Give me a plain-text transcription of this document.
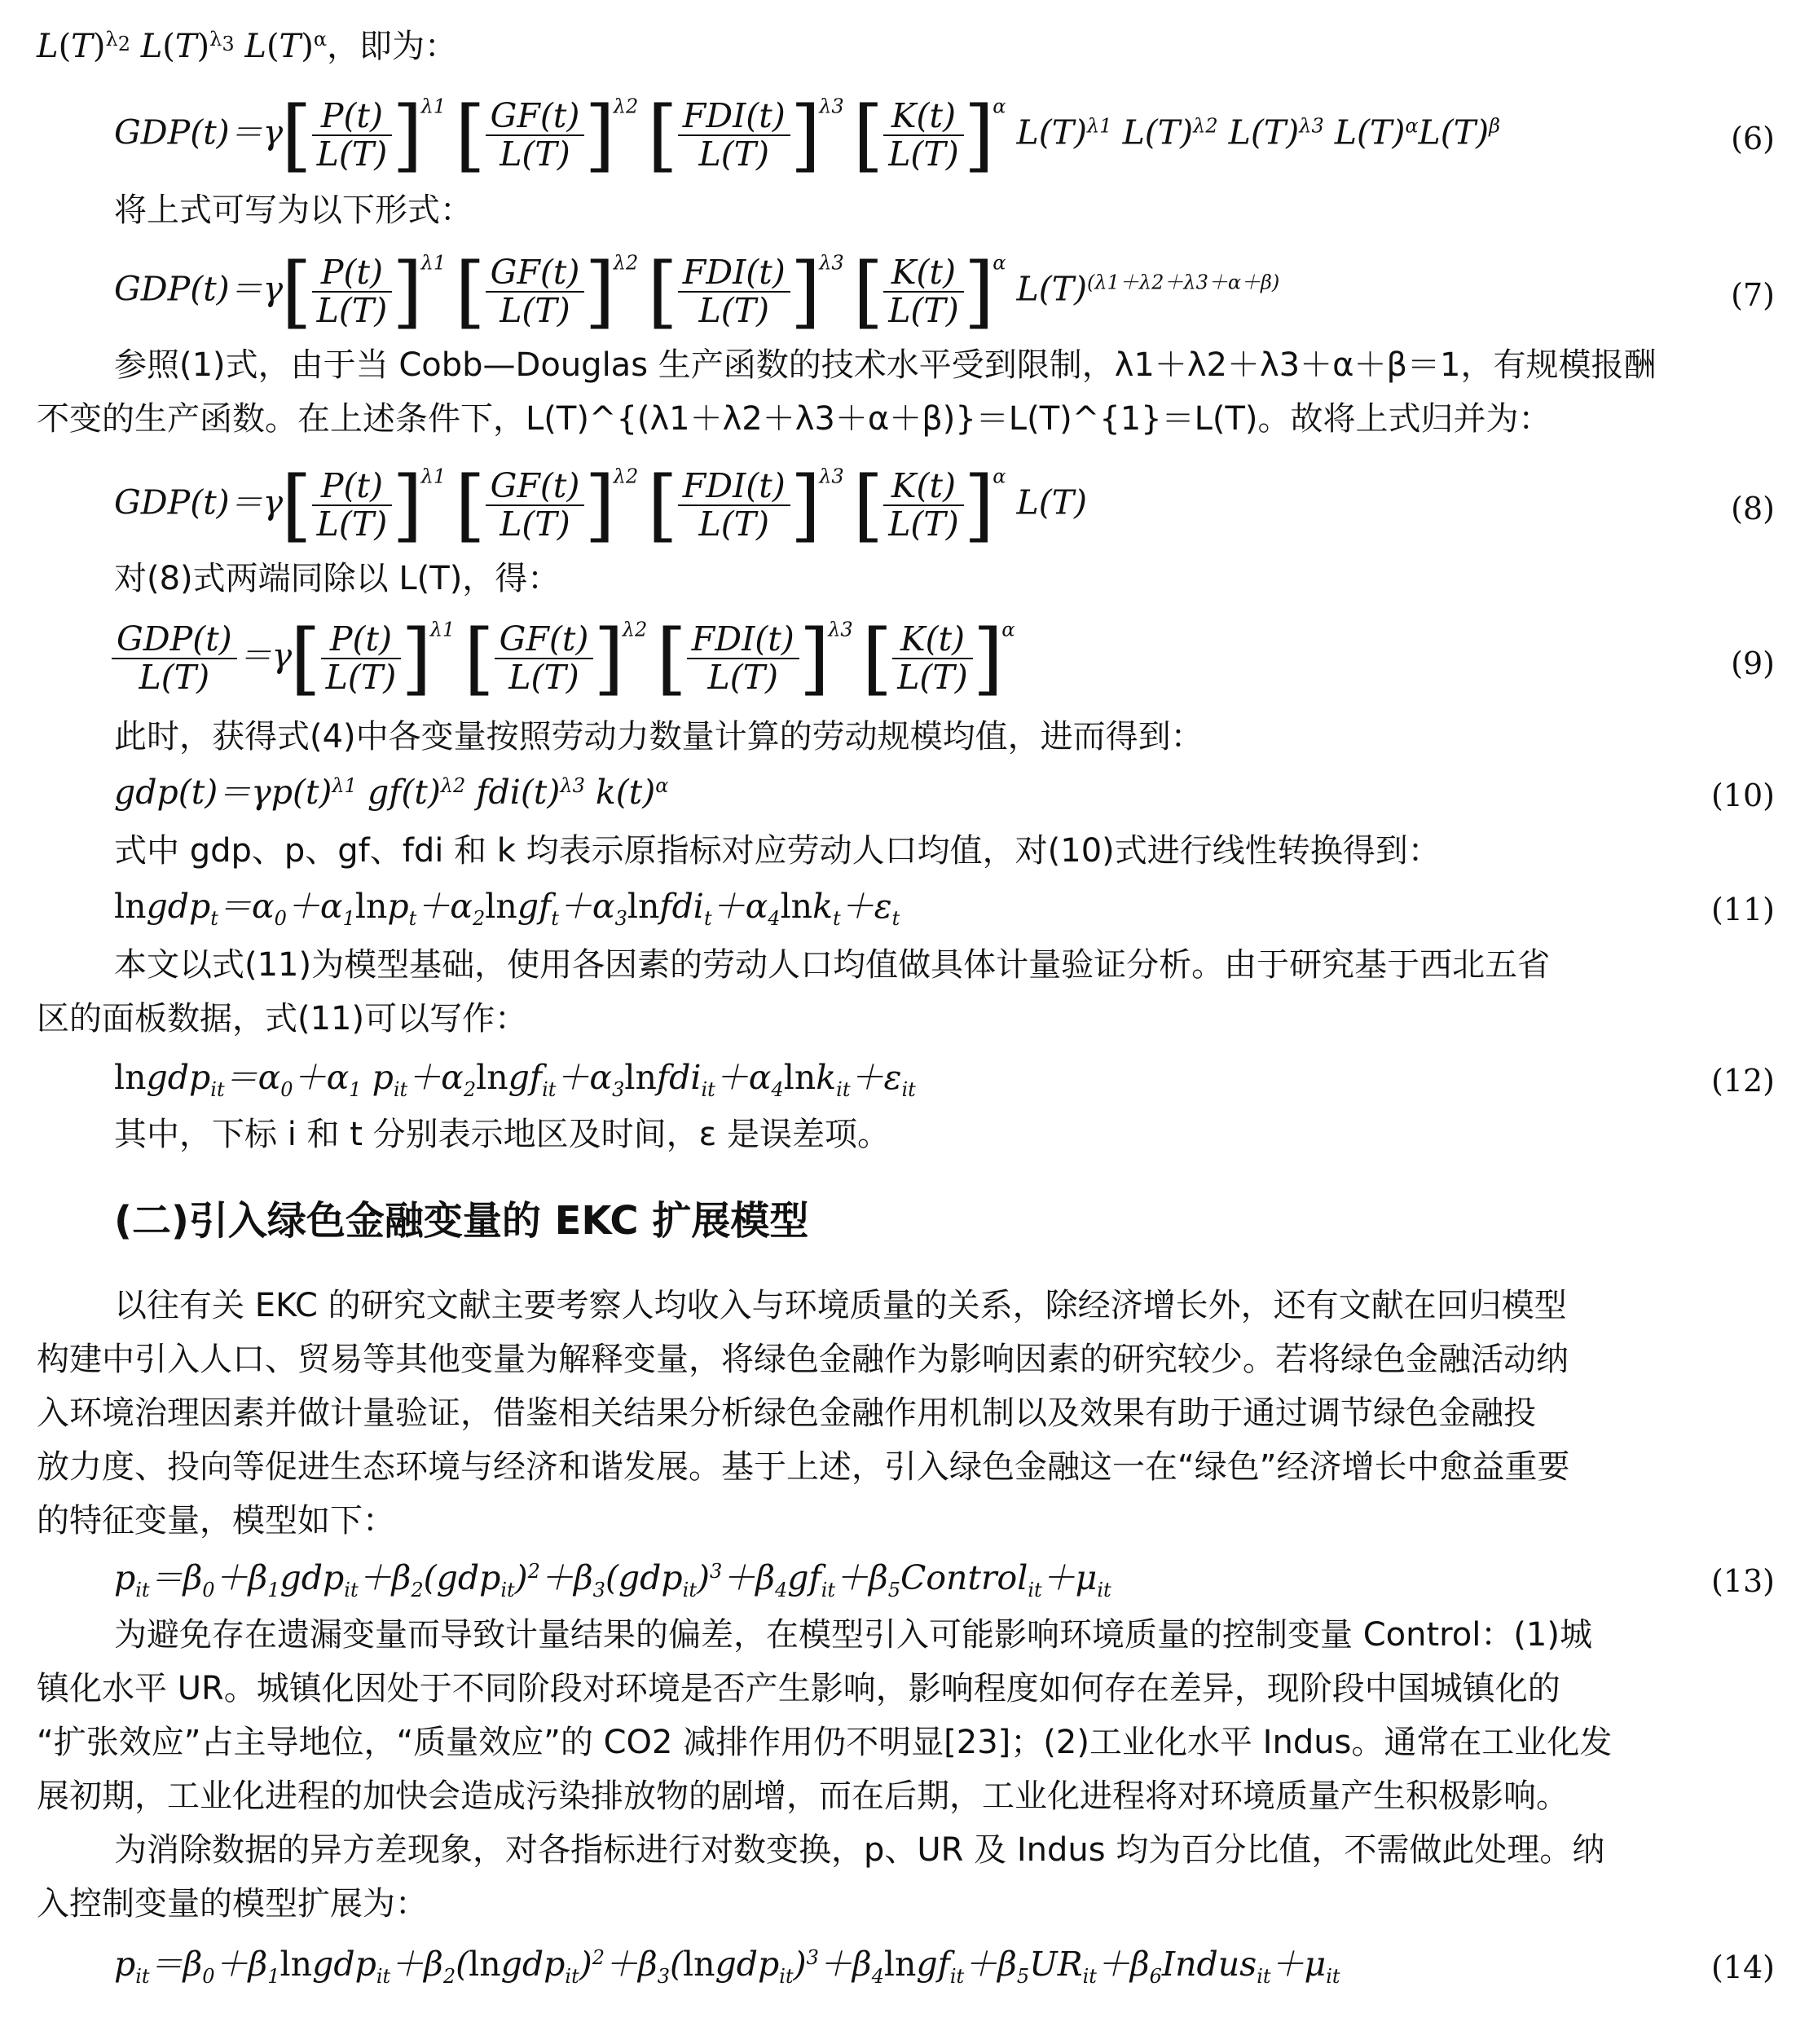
$L(T)^{\lambda_2}$ $L(T)^{\lambda_3}$ $L(T)^\alpha$，即为：
$GDP(t)=\gamma[ \frac{P(t)}{L(T)} ]^{\lambda 1}$ [ $\frac{GF(t)}{L(T)} ]^{\lambda 2}$ [ $\frac{\text{FDI(t)}}{L(T)} ]^{\lambda 3}$ [ $\frac{K(t)}{L(T)} ]^\alpha$ $L(T)^{\lambda 1}$ $L(T)^{\lambda 2}$ $L(T)^{\lambda 3}$ $L(T)^\alpha L(T)^\beta$	(6)
将上式可写为以下形式：
$GDP(t)=\gamma[ \frac{P(t)}{L(T)} ]^{\lambda 1}$ [ $\frac{GF(t)}{L(T)} ]^{\lambda 2}$ [ $\frac{\text{FDI(t)}}{L(T)} ]^{\lambda 3}$ [ $\frac{K(t)}{L(T)} ]^\alpha$ $L(T)^{(\lambda 1+\lambda 2+\lambda 3+\alpha+\beta)}$	(7)
参照(1)式，由于当 Cobb—Douglas 生产函数的技术水平受到限制，λ1＋λ2＋λ3＋α＋β＝1，有规模报酬
不变的生产函数。在上述条件下，L(T)^{(λ1＋λ2＋λ3＋α＋β)}＝L(T)^{1}＝L(T)。故将上式归并为：
$GDP(t)=\gamma[ \frac{P(t)}{L(T)} ]^{\lambda 1}$ [ $\frac{GF(t)}{L(T)} ]^{\lambda 2}$ [ $\frac{\text{FDI(t)}}{L(T)} ]^{\lambda 3}$ [ $\frac{K(t)}{L(T)} ]^\alpha$ L(T)	(8)
对(8)式两端同除以 L(T)，得：
$\frac{\text{GDP(t)}}{L(T)} =\gamma[ \frac{P(t)}{L(T)} ]^{\lambda 1}$ [ $\frac{GF(t)}{L(T)} ]^{\lambda 2}$ [ $\frac{\text{FDI(t)}}{L(T)} ]^{\lambda 3}$ [ $\frac{K(t)}{L(T)} ]^\alpha$
(9)
此时，获得式(4)中各变量按照劳动力数量计算的劳动规模均值，进而得到：
$gdp(t)=\gamma p(t)^{\lambda 1}$ $gf(t)^{\lambda 2}$ $fdi(t)^{\lambda 3}$ $k(t)^\alpha$	(10)
式中 gdp、p、gf、fdi 和 k 均表示原指标对应劳动人口均值，对(10)式进行线性转换得到：
$lngdp_t=\alpha_0+\alpha_1\ln p_t+\alpha_2lngf_t+\alpha_3lnfdi_t+\alpha_4\ln k_t+\varepsilon_t$	(11)
本文以式(11)为模型基础，使用各因素的劳动人口均值做具体计量验证分析。由于研究基于西北五省
区的面板数据，式(11)可以写作：
$lngdp_{it}=\alpha_0+\alpha_1$ $p_{it}+\alpha_2lngf_{it}+\alpha_3lnfdi_{it}+\alpha_4\ln k_{it}+\varepsilon_{it}$	(12)
其中，下标 i 和 t 分别表示地区及时间，ε 是误差项。
(二)引入绿色金融变量的 EKC 扩展模型
以往有关 EKC 的研究文献主要考察人均收入与环境质量的关系，除经济增长外，还有文献在回归模型
构建中引入人口、贸易等其他变量为解释变量，将绿色金融作为影响因素的研究较少。若将绿色金融活动纳
入环境治理因素并做计量验证，借鉴相关结果分析绿色金融作用机制以及效果有助于通过调节绿色金融投
放力度、投向等促进生态环境与经济和谐发展。基于上述，引入绿色金融这一在“绿色”经济增长中愈益重要
的特征变量，模型如下：
$p_{it}=\beta_0+\beta_1gdp_{it}+\beta_2(gdp_{it})^2+\beta_3(gdp_{it})^3+\beta_4gf_{it}+\beta_5Control_{it}+\mu_{it}$	(13)
为避免存在遗漏变量而导致计量结果的偏差，在模型引入可能影响环境质量的控制变量 Control：(1)城
镇化水平 UR。城镇化因处于不同阶段对环境是否产生影响，影响程度如何存在差异，现阶段中国城镇化的
“扩张效应”占主导地位，“质量效应”的 CO2 减排作用仍不明显[23]；(2)工业化水平 Indus。通常在工业化发
展初期，工业化进程的加快会造成污染排放物的剧增，而在后期，工业化进程将对环境质量产生积极影响。
为消除数据的异方差现象，对各指标进行对数变换，p、UR 及 Indus 均为百分比值，不需做此处理。纳
入控制变量的模型扩展为：
$p_{it}=\beta_0+\beta_1lngdp_{it}+\beta_2(lngdp_{it})^2+\beta_3(lngdp_{it})^3+\beta_4lngf_{it}+\beta_5UR_{it}+\beta_6Indus_{it}+\mu_{it}$	(14)
